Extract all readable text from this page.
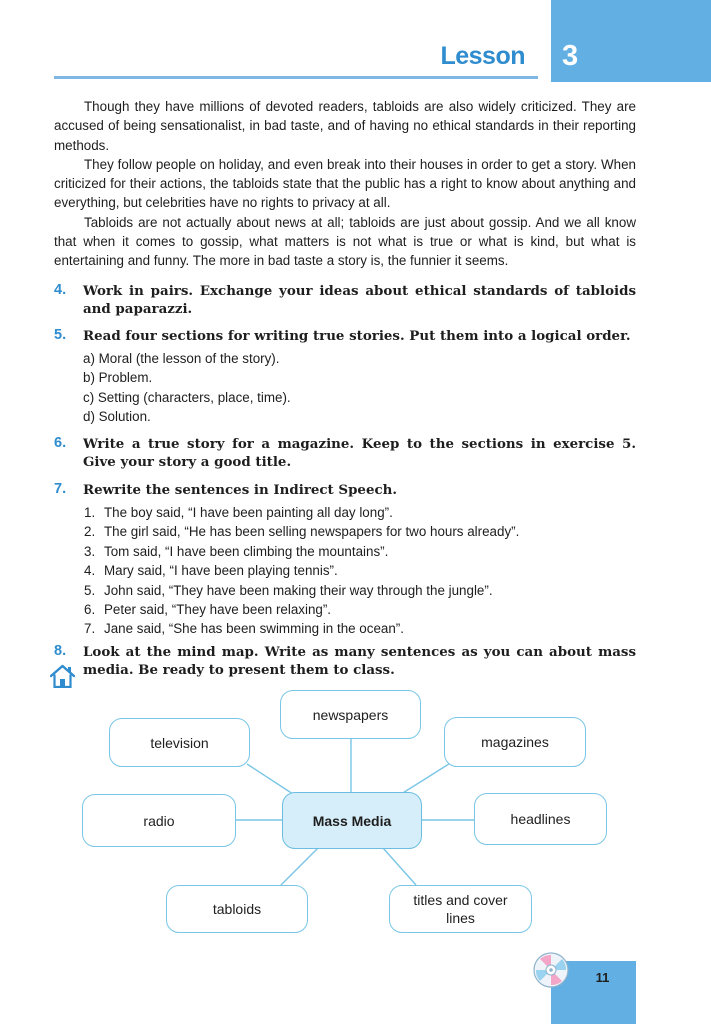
Lesson 3

Though they have millions of devoted readers, tabloids are also widely criticized. They are accused of being sensationalist, in bad taste, and of having no ethical standards in their reporting methods.

They follow people on holiday, and even break into their houses in order to get a story. When criticized for their actions, the tabloids state that the public has a right to know about anything and everything, but celebrities have no rights to privacy at all.

Tabloids are not actually about news at all; tabloids are just about gossip. And we all know that when it comes to gossip, what matters is not what is true or what is kind, but what is entertaining and funny. The more in bad taste a story is, the funnier it seems.

4. Work in pairs. Exchange your ideas about ethical standards of tabloids and paparazzi.
5. Read four sections for writing true stories. Put them into a logical order.
a) Moral (the lesson of the story).
b) Problem.
c) Setting (characters, place, time).
d) Solution.
6. Write a true story for a magazine. Keep to the sections in exercise 5. Give your story a good title.
7. Rewrite the sentences in Indirect Speech.
1. The boy said, “I have been painting all day long”.
2. The girl said, “He has been selling newspapers for two hours already”.
3. Tom said, “I have been climbing the mountains”.
4. Mary said, “I have been playing tennis”.
5. John said, “They have been making their way through the jungle”.
6. Peter said, “They have been relaxing”.
7. Jane said, “She has been swimming in the ocean”.
8. Look at the mind map. Write as many sentences as you can about mass media. Be ready to present them to class.
newspapers
television	magazines
radio	Mass Media	headlines
tabloids
titles and cover lines
11
